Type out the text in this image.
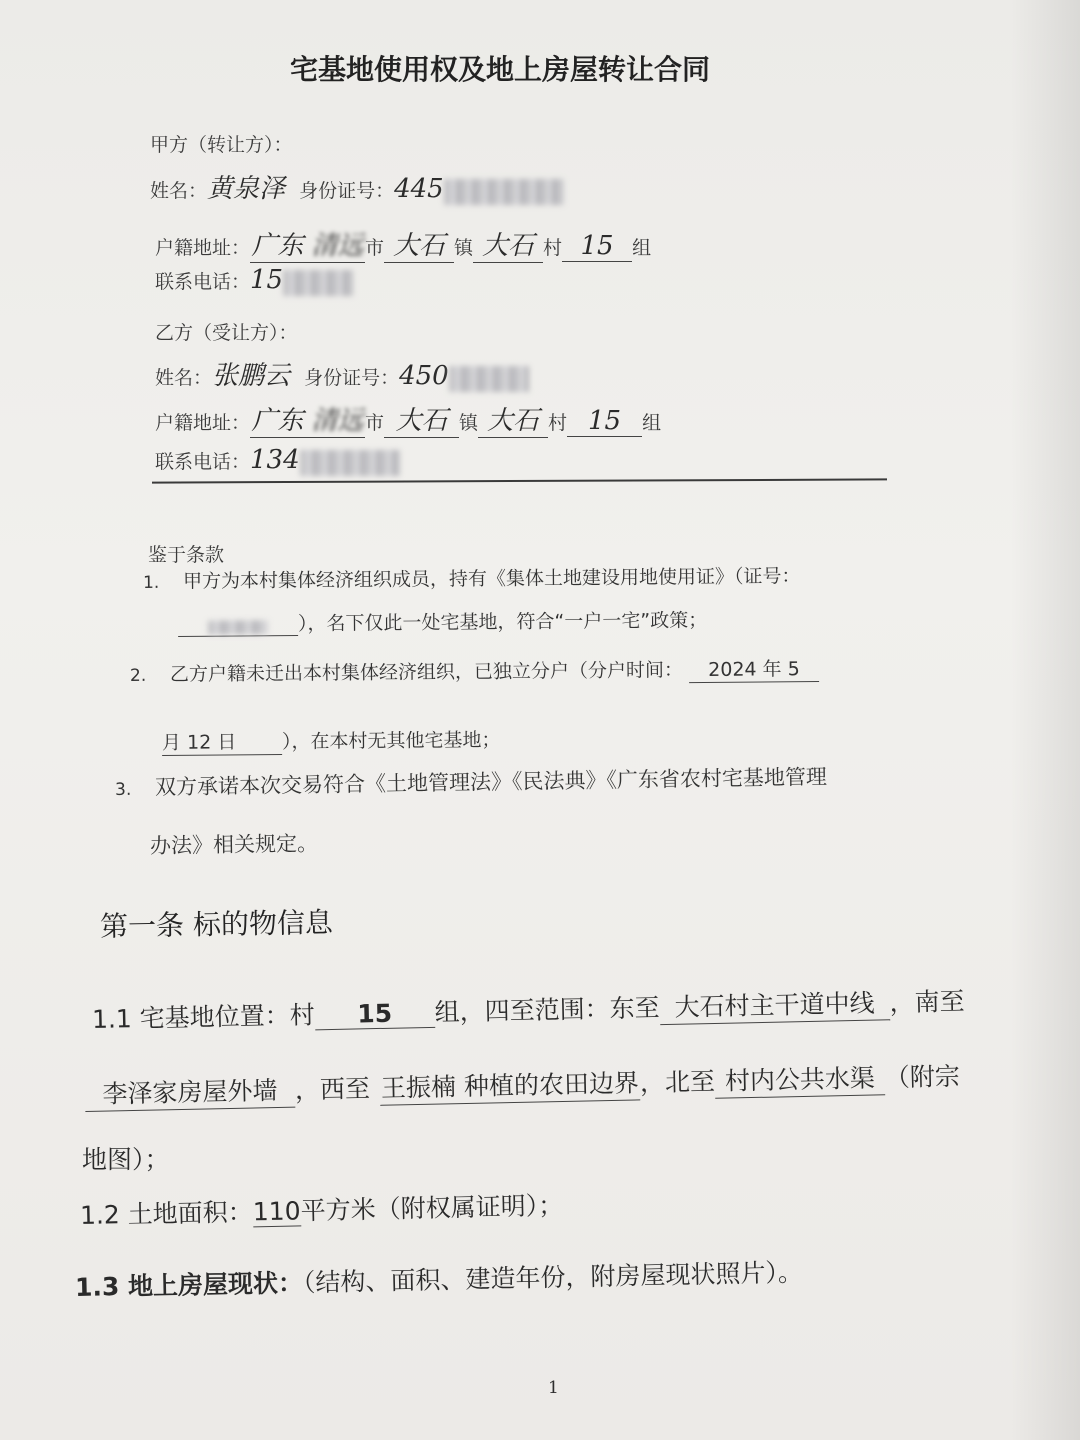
宅基地使用权及地上房屋转让合同
甲方（转让方）：
姓名：黄泉泽 身份证号：445
户籍地址：广东 清远市 大石 镇 大石 村 15 组
联系电话：15
乙方（受让方）：
姓名：张鹏云 身份证号：450
户籍地址：广东 清远市 大石 镇 大石 村 15 组
联系电话：134
鉴于条款
1. 甲方为本村集体经济组织成员，持有《集体土地建设用地使用证》（证号：
），名下仅此一处宅基地，符合“一户一宅”政策；
2. 乙方户籍未迁出本村集体经济组织，已独立分户（分户时间： 2024 年 5
月 12 日 ），在本村无其他宅基地；
3. 双方承诺本次交易符合《土地管理法》《民法典》《广东省农村宅基地管理
办法》相关规定。
第一条 标的物信息
1.1 宅基地位置：村 15 组，四至范围：东至 大石村主干道中线 ，南至
李泽家房屋外墙 ，西至 王振楠 种植的农田边界，北至 村内公共水渠 （附宗
地图）；
1.2 土地面积：110平方米（附权属证明）；
1.3 地上房屋现状：（结构、面积、建造年份，附房屋现状照片）。
1
